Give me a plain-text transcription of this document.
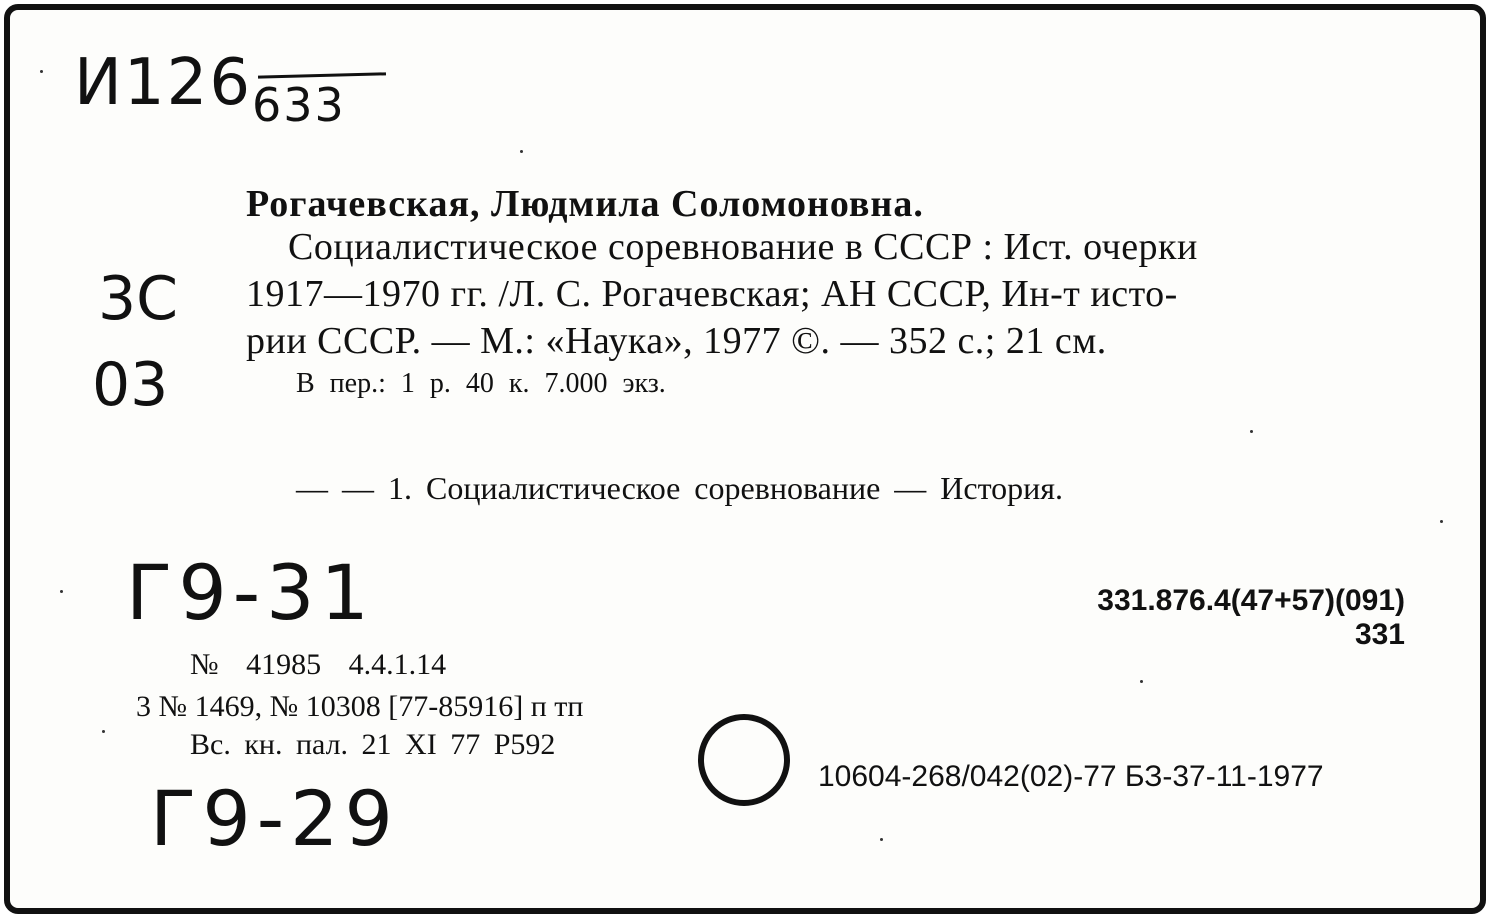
И126 633
3С
03
Г9-31
Г9-29
Рогачевская, Людмила Соломоновна.
Социалистическое соревнование в СССР : Ист. очерки
1917—1970 гг. /Л. С. Рогачевская; АН СССР, Ин-т исто-
рии СССР. — М.: «Наука», 1977 ©. — 352 с.; 21 см.
В пер.: 1 р. 40 к. 7.000 экз.
— — 1. Социалистическое соревнование — История.
331.876.4(47+57)(091)
331
№ 41985 4.4.1.14
3 № 1469, № 10308 [77-85916] п тп
Вс. кн. пал. 21 XI 77 Р592
10604-268/042(02)-77 БЗ-37-11-1977
